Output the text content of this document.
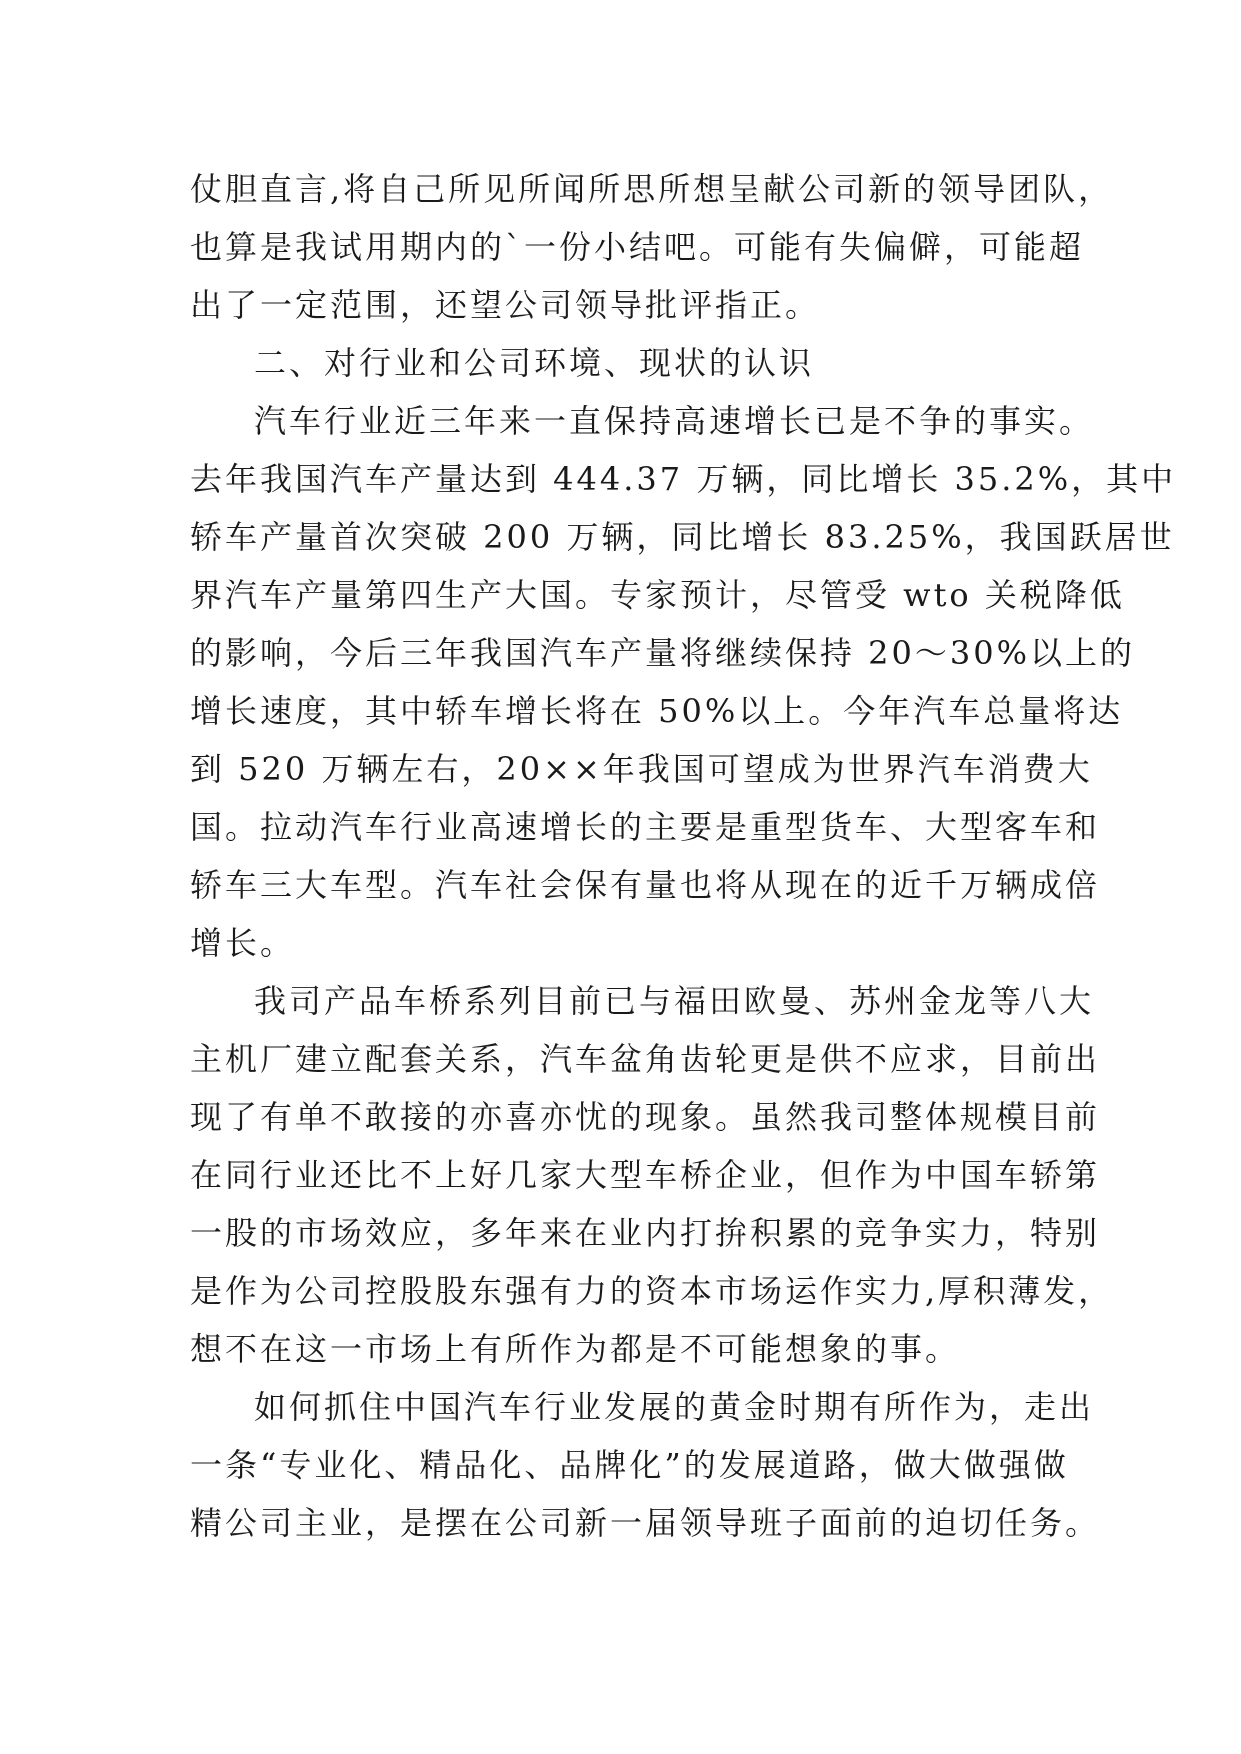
仗胆直言,将自己所见所闻所思所想呈献公司新的领导团队，
也算是我试用期内的`一份小结吧。可能有失偏僻，可能超
出了一定范围，还望公司领导批评指正。
二、对行业和公司环境、现状的认识
汽车行业近三年来一直保持高速增长已是不争的事实。
去年我国汽车产量达到 444.37 万辆，同比增长 35.2%，其中
轿车产量首次突破 200 万辆，同比增长 83.25%，我国跃居世
界汽车产量第四生产大国。专家预计，尽管受 wto 关税降低
的影响，今后三年我国汽车产量将继续保持 20～30%以上的
增长速度，其中轿车增长将在 50%以上。今年汽车总量将达
到 520 万辆左右，20××年我国可望成为世界汽车消费大
国。拉动汽车行业高速增长的主要是重型货车、大型客车和
轿车三大车型。汽车社会保有量也将从现在的近千万辆成倍
增长。
我司产品车桥系列目前已与福田欧曼、苏州金龙等八大
主机厂建立配套关系，汽车盆角齿轮更是供不应求，目前出
现了有单不敢接的亦喜亦忧的现象。虽然我司整体规模目前
在同行业还比不上好几家大型车桥企业，但作为中国车轿第
一股的市场效应，多年来在业内打拚积累的竞争实力，特别
是作为公司控股股东强有力的资本市场运作实力,厚积薄发，
想不在这一市场上有所作为都是不可能想象的事。
如何抓住中国汽车行业发展的黄金时期有所作为，走出
一条“专业化、精品化、品牌化”的发展道路，做大做强做
精公司主业，是摆在公司新一届领导班子面前的迫切任务。
